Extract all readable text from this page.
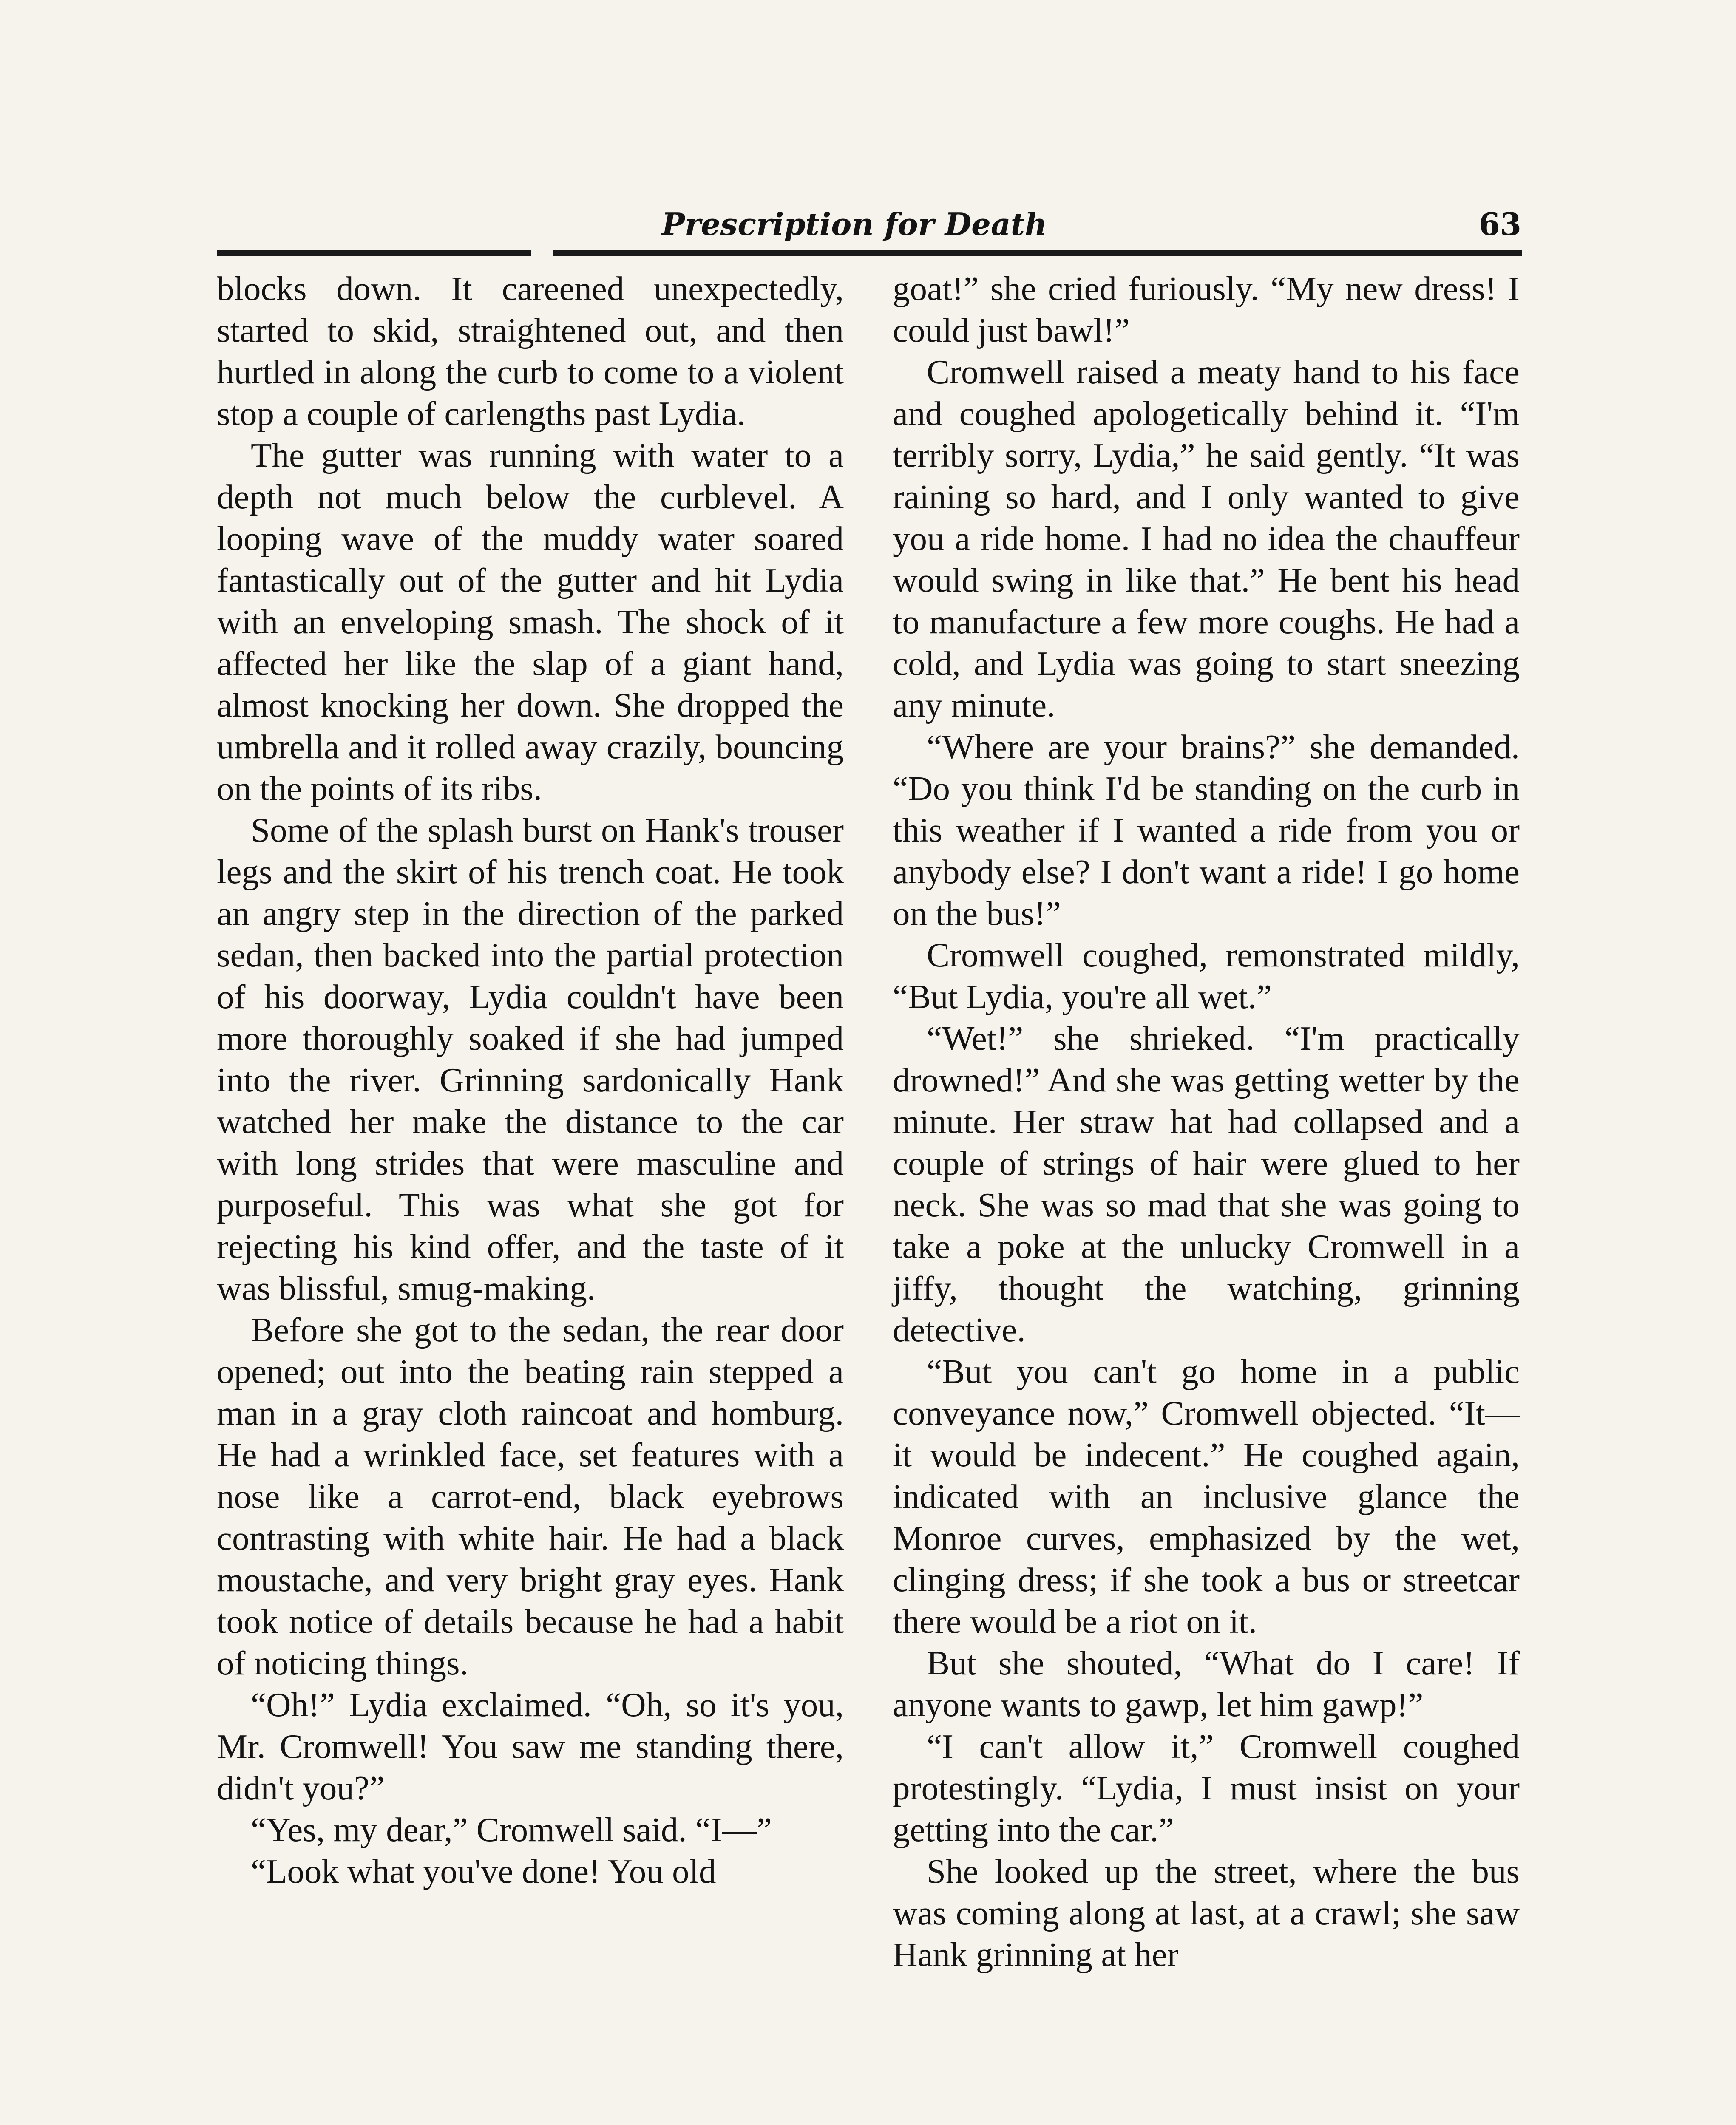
Prescription for Death	63

blocks down. It careened unexpectedly, started to skid, straightened out, and then hurtled in along the curb to come to a violent stop a couple of carlengths past Lydia.

The gutter was running with water to a depth not much below the curblevel. A looping wave of the muddy water soared fantastically out of the gutter and hit Lydia with an enveloping smash. The shock of it affected her like the slap of a giant hand, almost knocking her down. She dropped the umbrella and it rolled away crazily, bouncing on the points of its ribs.

Some of the splash burst on Hank's trouser legs and the skirt of his trench coat. He took an angry step in the direction of the parked sedan, then backed into the partial protection of his doorway, Lydia couldn't have been more thoroughly soaked if she had jumped into the river. Grinning sardonically Hank watched her make the distance to the car with long strides that were masculine and purposeful. This was what she got for rejecting his kind offer, and the taste of it was blissful, smug-making.

Before she got to the sedan, the rear door opened; out into the beating rain stepped a man in a gray cloth raincoat and homburg. He had a wrinkled face, set features with a nose like a carrot-end, black eyebrows contrasting with white hair. He had a black moustache, and very bright gray eyes. Hank took notice of details because he had a habit of noticing things.

“Oh!” Lydia exclaimed. “Oh, so it's you, Mr. Cromwell! You saw me standing there, didn't you?”

“Yes, my dear,” Cromwell said. “I—”

“Look what you've done! You old

goat!” she cried furiously. “My new dress! I could just bawl!”

Cromwell raised a meaty hand to his face and coughed apologetically behind it. “I'm terribly sorry, Lydia,” he said gently. “It was raining so hard, and I only wanted to give you a ride home. I had no idea the chauffeur would swing in like that.” He bent his head to manufacture a few more coughs. He had a cold, and Lydia was going to start sneezing any minute.

“Where are your brains?” she demanded. “Do you think I'd be standing on the curb in this weather if I wanted a ride from you or anybody else? I don't want a ride! I go home on the bus!”

Cromwell coughed, remonstrated mildly, “But Lydia, you're all wet.”

“Wet!” she shrieked. “I'm practically drowned!” And she was getting wetter by the minute. Her straw hat had collapsed and a couple of strings of hair were glued to her neck. She was so mad that she was going to take a poke at the unlucky Cromwell in a jiffy, thought the watching, grinning detective.

“But you can't go home in a public conveyance now,” Cromwell objected. “It—it would be indecent.” He coughed again, indicated with an inclusive glance the Monroe curves, emphasized by the wet, clinging dress; if she took a bus or streetcar there would be a riot on it.

But she shouted, “What do I care! If anyone wants to gawp, let him gawp!”

“I can't allow it,” Cromwell coughed protestingly. “Lydia, I must insist on your getting into the car.”

She looked up the street, where the bus was coming along at last, at a crawl; she saw Hank grinning at her
